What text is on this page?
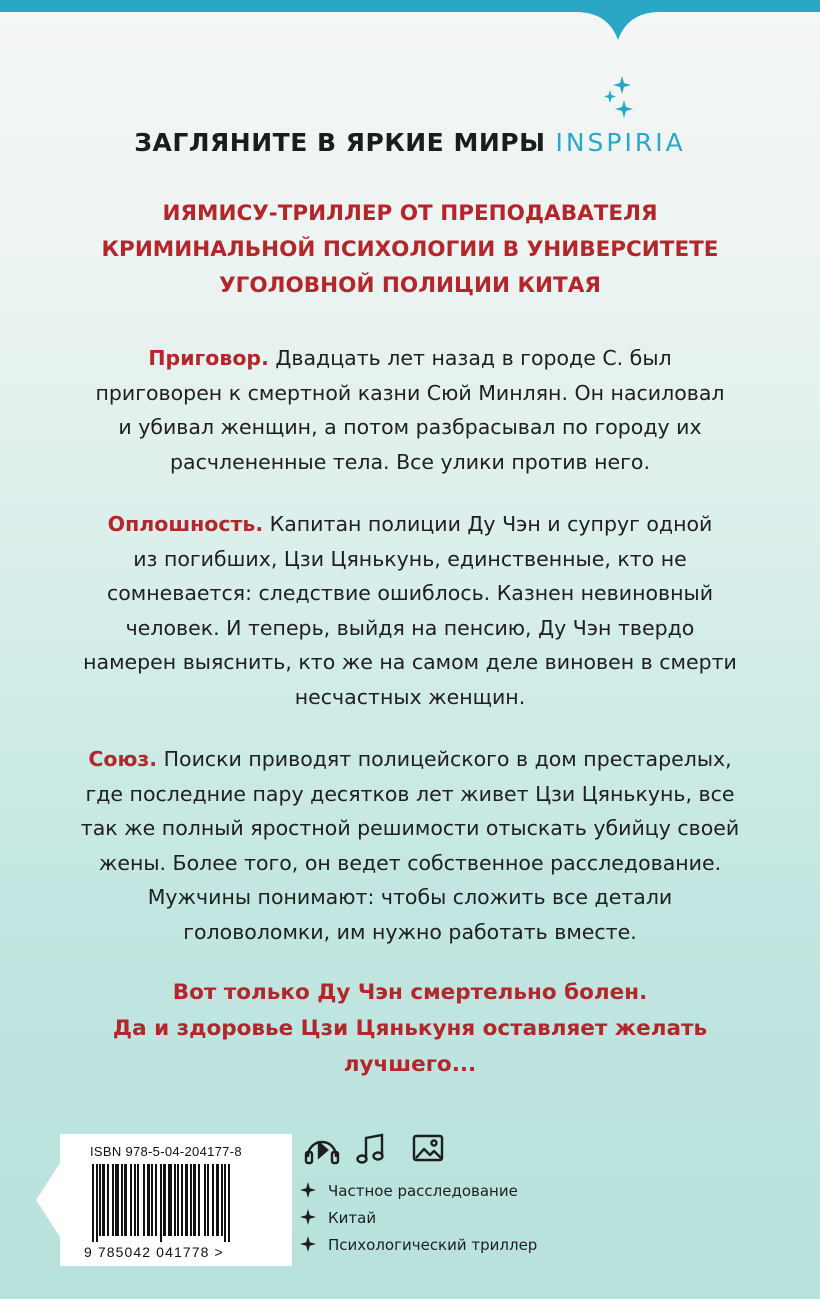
ЗАГЛЯНИТЕ В ЯРКИЕ МИРЫ INSPIRIA
ИЯМИСУ-ТРИЛЛЕР ОТ ПРЕПОДАВАТЕЛЯ
КРИМИНАЛЬНОЙ ПСИХОЛОГИИ В УНИВЕРСИТЕТЕ
УГОЛОВНОЙ ПОЛИЦИИ КИТАЯ
Приговор. Двадцать лет назад в городе С. был
приговорен к смертной казни Сюй Минлян. Он насиловал
и убивал женщин, а потом разбрасывал по городу их
расчлененные тела. Все улики против него.
Оплошность. Капитан полиции Ду Чэн и супруг одной
из погибших, Цзи Цянькунь, единственные, кто не
сомневается: следствие ошиблось. Казнен невиновный
человек. И теперь, выйдя на пенсию, Ду Чэн твердо
намерен выяснить, кто же на самом деле виновен в смерти
несчастных женщин.
Союз. Поиски приводят полицейского в дом престарелых,
где последние пару десятков лет живет Цзи Цянькунь, все
так же полный яростной решимости отыскать убийцу своей
жены. Более того, он ведет собственное расследование.
Мужчины понимают: чтобы сложить все детали
головоломки, им нужно работать вместе.
Вот только Ду Чэн смертельно болен.
Да и здоровье Цзи Цянькуня оставляет желать
лучшего...
ISBN 978-5-04-204177-8
9 785042 041778 >
Частное расследование
Китай
Психологический триллер
